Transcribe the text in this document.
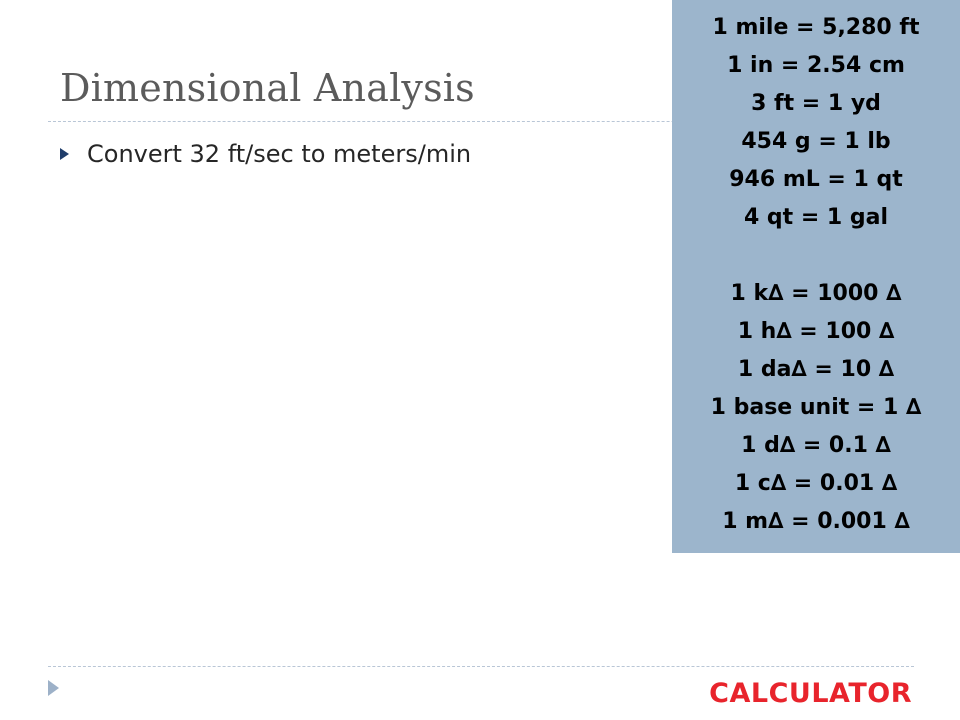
Dimensional Analysis
Convert 32 ft/sec to meters/min
1 mile = 5,280 ft
1 in = 2.54 cm
3 ft = 1 yd
454 g = 1 lb
946 mL = 1 qt
4 qt = 1 gal
1 k∆ = 1000 ∆
1 h∆ = 100 ∆
1 da∆ = 10 ∆
1 base unit = 1 ∆
1 d∆ = 0.1 ∆
1 c∆ = 0.01 ∆
1 m∆ = 0.001 ∆
CALCULATOR
